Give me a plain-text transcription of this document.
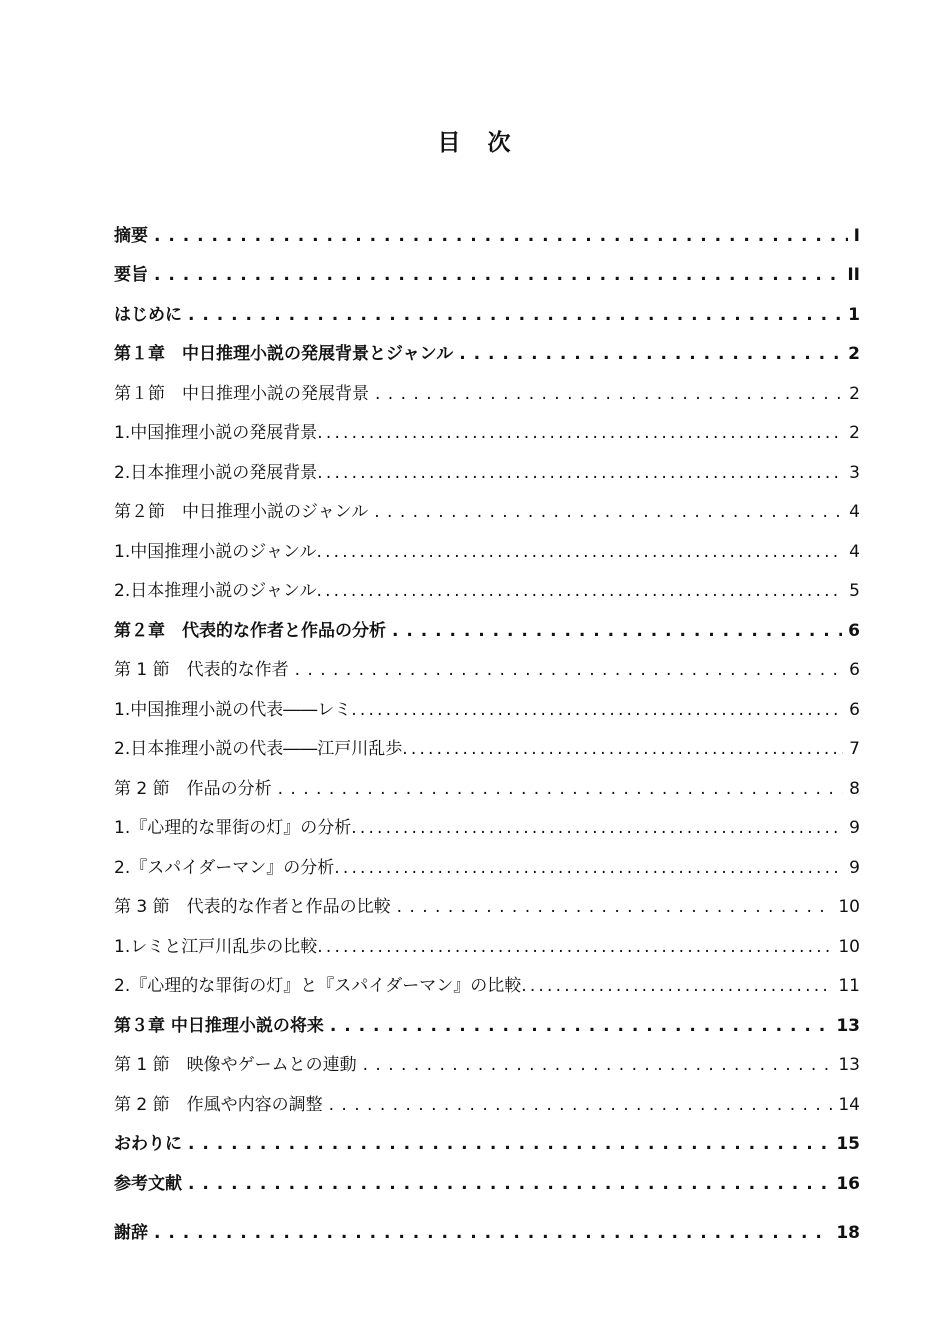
目　次
摘要 . . .	I
要旨 . . .	II
はじめに . . .	1
第１章　中日推理小説の発展背景とジャンル . . .	2
第１節　中日推理小説の発展背景 . . .	2
1.中国推理小説の発展背景 .....	2
2.日本推理小説の発展背景 .....	3
第２節　中日推理小説のジャンル . . .	4
1.中国推理小説のジャンル .....	4
2.日本推理小説のジャンル .....	5
第２章　代表的な作者と作品の分析 . . .	6
第 1 節　代表的な作者 . . .	6
1.中国推理小説の代表――レミ .....	6
2.日本推理小説の代表――江戸川乱歩 .....	7
第 2 節　作品の分析 . . .	8
1.『心理的な罪街の灯』の分析 .....	9
2.『スパイダーマン』の分析 .....	9
第 3 節　代表的な作者と作品の比較 . . .	10
1.レミと江戸川乱歩の比較 .....	10
2.『心理的な罪街の灯』と『スパイダーマン』の比較 .....	11
第３章 中日推理小説の将来 . . .	13
第 1 節　映像やゲームとの連動 . . .	13
第 2 節　作風や内容の調整 . . .	14
おわりに . . .	15
参考文献 . . .	16
謝辞 . . .	18
